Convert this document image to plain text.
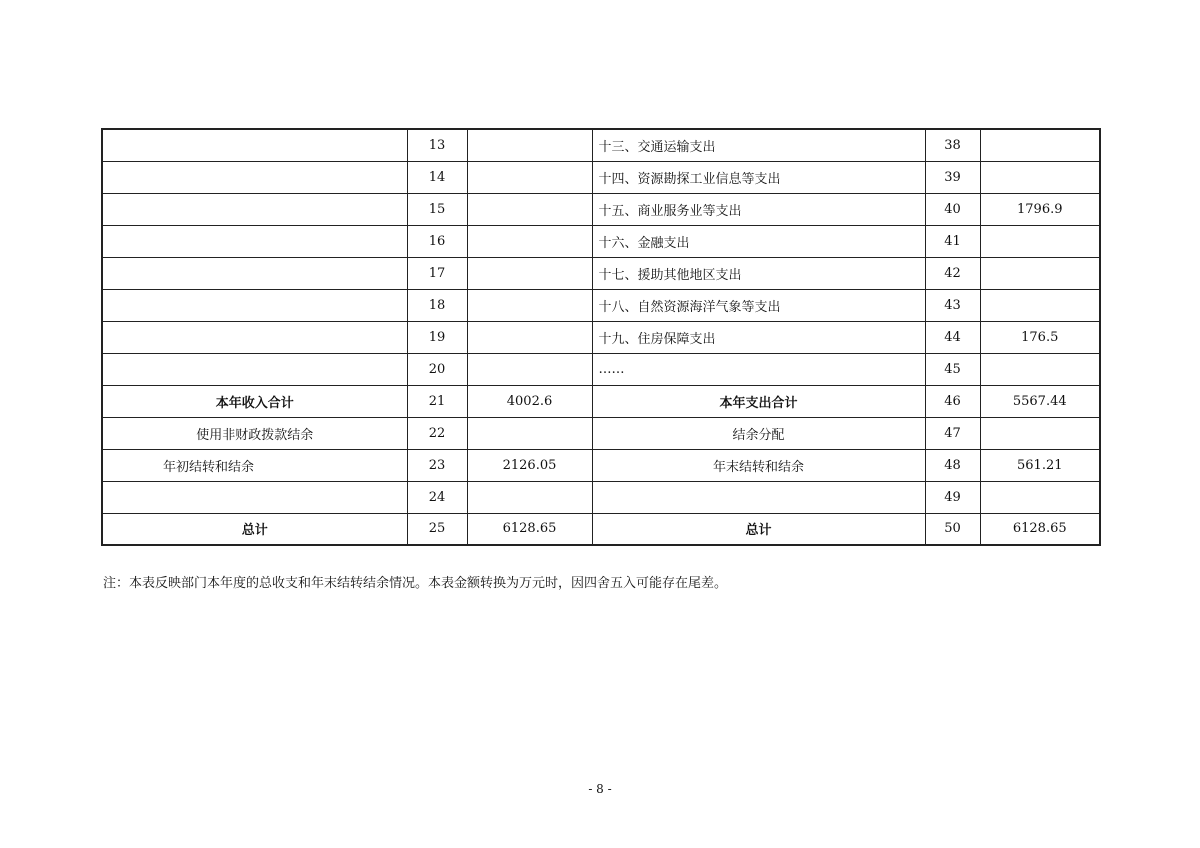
	13		十三、交通运输支出	38	
	14		十四、资源勘探工业信息等支出	39	
	15		十五、商业服务业等支出	40	1796.9
	16		十六、金融支出	41	
	17		十七、援助其他地区支出	42	
	18		十八、自然资源海洋气象等支出	43	
	19		十九、住房保障支出	44	176.5
	20		……	45	
本年收入合计	21	4002.6	本年支出合计	46	5567.44
使用非财政拨款结余	22		结余分配	47	
年初结转和结余	23	2126.05	年末结转和结余	48	561.21
	24			49	
总计	25	6128.65	总计	50	6128.65
注：本表反映部门本年度的总收支和年末结转结余情况。本表金额转换为万元时，因四舍五入可能存在尾差。
- 8 -
